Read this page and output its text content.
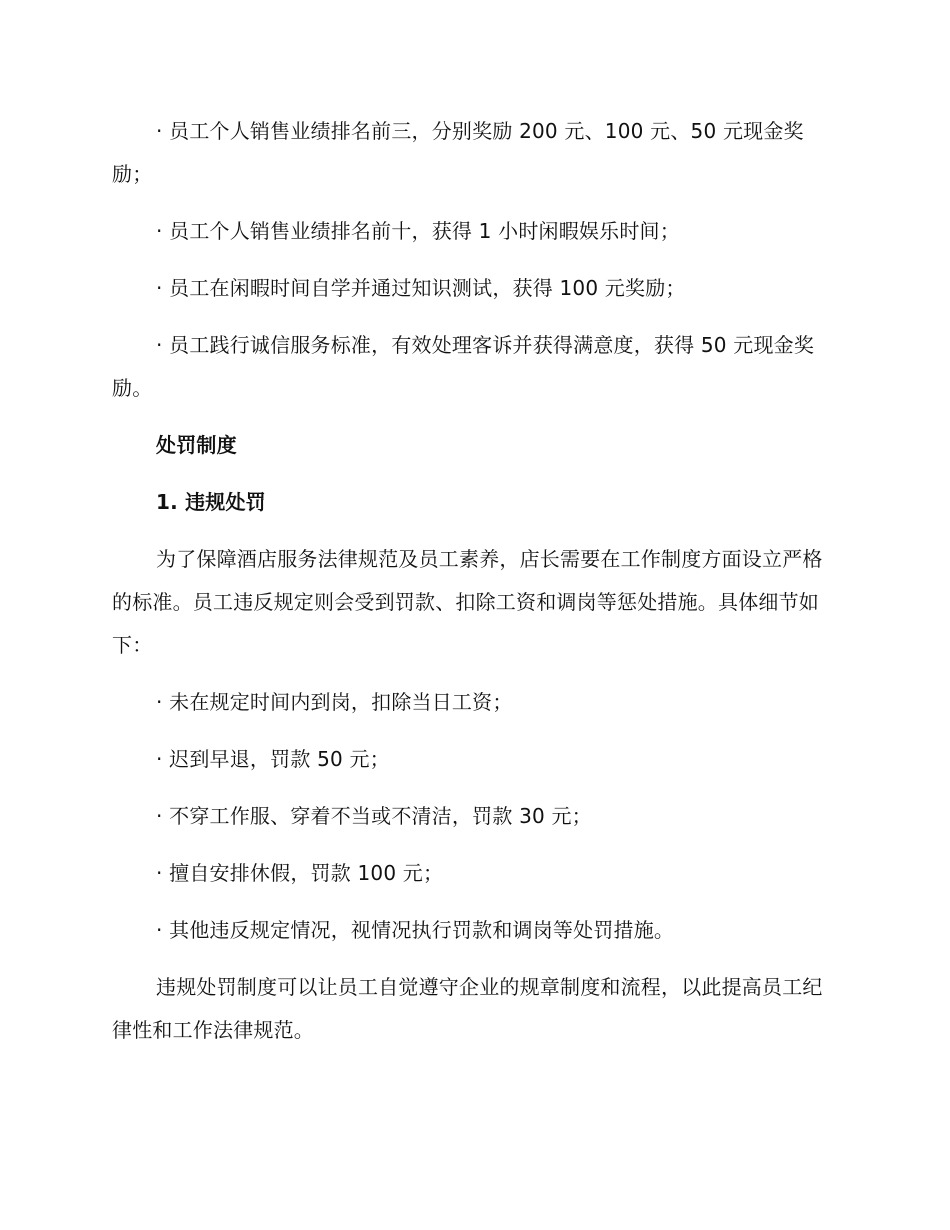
· 员工个人销售业绩排名前三，分别奖励 200 元、100 元、50 元现金奖励；

· 员工个人销售业绩排名前十，获得 1 小时闲暇娱乐时间；

· 员工在闲暇时间自学并通过知识测试，获得 100 元奖励；

· 员工践行诚信服务标准，有效处理客诉并获得满意度，获得 50 元现金奖励。

处罚制度

1. 违规处罚

为了保障酒店服务法律规范及员工素养，店长需要在工作制度方面设立严格的标准。员工违反规定则会受到罚款、扣除工资和调岗等惩处措施。具体细节如下：

· 未在规定时间内到岗，扣除当日工资；

· 迟到早退，罚款 50 元；

· 不穿工作服、穿着不当或不清洁，罚款 30 元；

· 擅自安排休假，罚款 100 元；

· 其他违反规定情况，视情况执行罚款和调岗等处罚措施。

违规处罚制度可以让员工自觉遵守企业的规章制度和流程，以此提高员工纪律性和工作法律规范。
